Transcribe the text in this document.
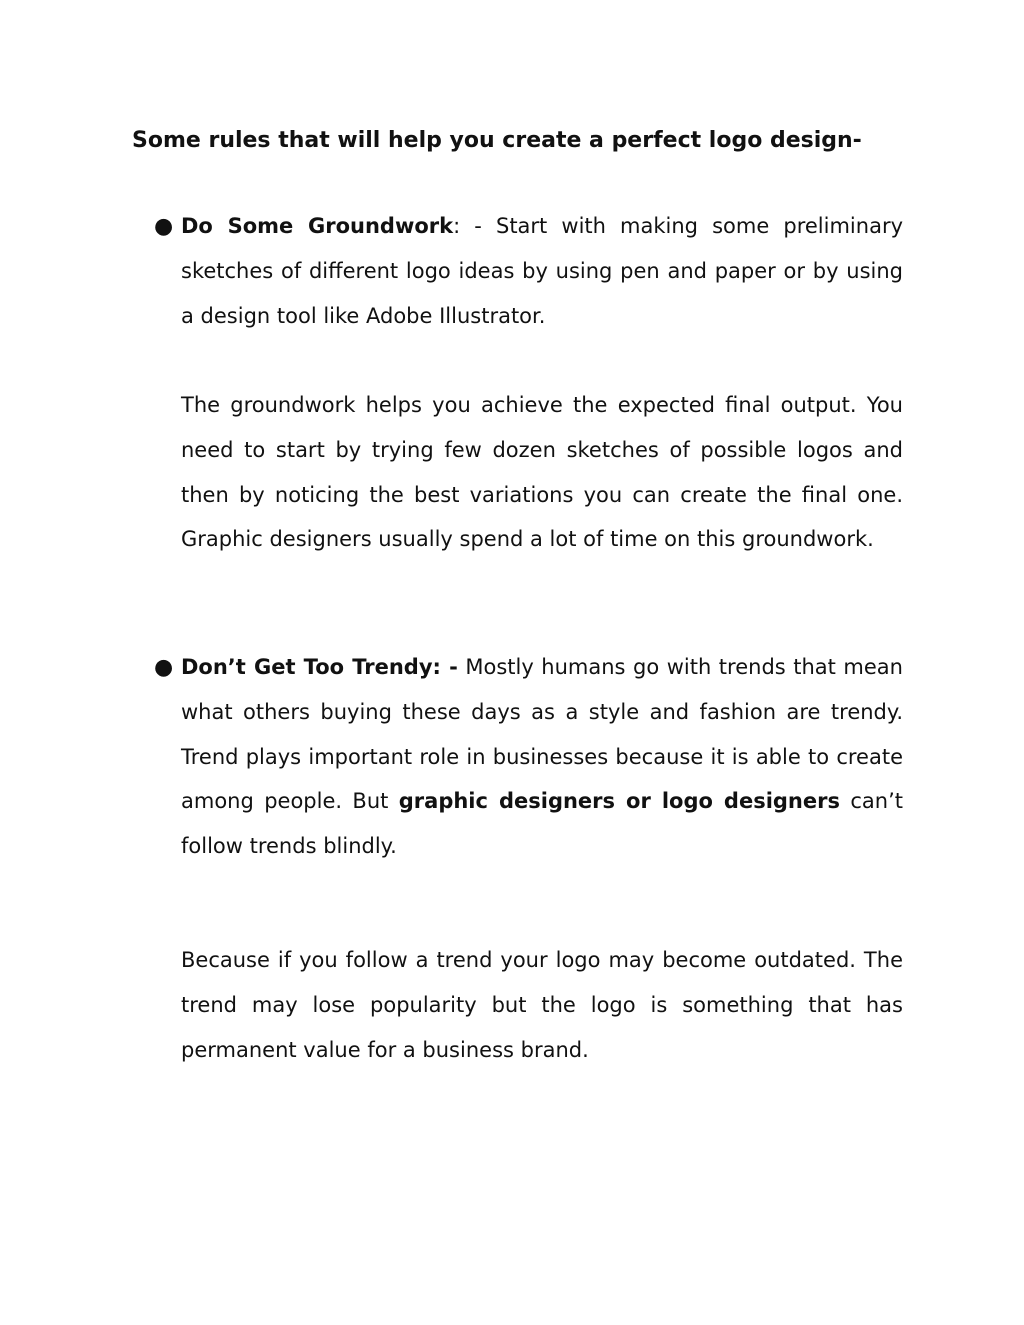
Some rules that will help you create a perfect logo design-
● Do Some Groundwork: - Start with making some preliminary sketches of different logo ideas by using pen and paper or by using a design tool like Adobe Illustrator.

The groundwork helps you achieve the expected final output. You need to start by trying few dozen sketches of possible logos and then by noticing the best variations you can create the final one. Graphic designers usually spend a lot of time on this groundwork.

● Don’t Get Too Trendy: - Mostly humans go with trends that mean what others buying these days as a style and fashion are trendy. Trend plays important role in businesses because it is able to create among people. But graphic designers or logo designers can’t follow trends blindly.

Because if you follow a trend your logo may become outdated. The trend may lose popularity but the logo is something that has permanent value for a business brand.
